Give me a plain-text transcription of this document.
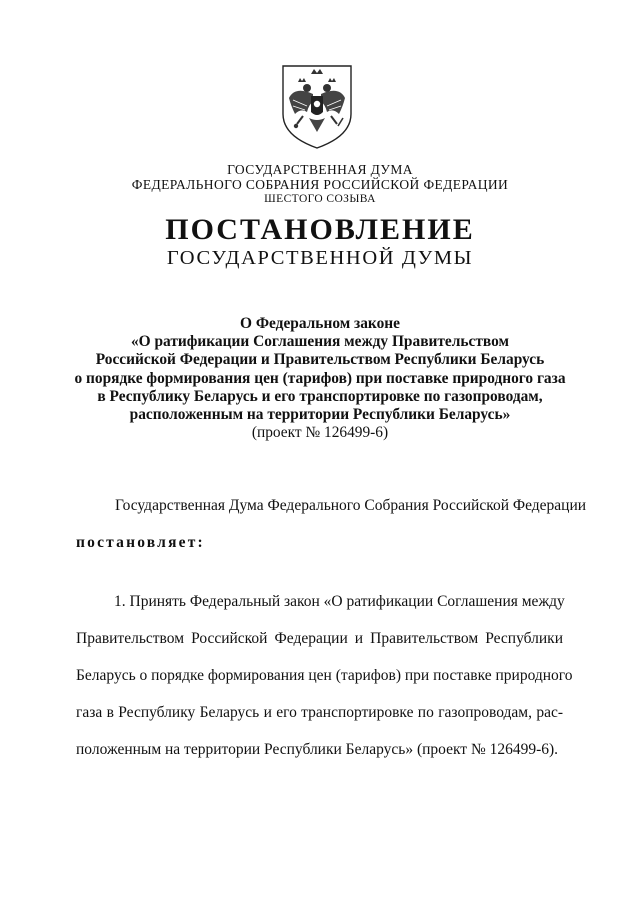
ГОСУДАРСТВЕННАЯ ДУМА
ФЕДЕРАЛЬНОГО СОБРАНИЯ РОССИЙСКОЙ ФЕДЕРАЦИИ
ШЕСТОГО СОЗЫВА
ПОСТАНОВЛЕНИЕ
ГОСУДАРСТВЕННОЙ ДУМЫ
О Федеральном законе
«О ратификации Соглашения между Правительством
Российской Федерации и Правительством Республики Беларусь
о порядке формирования цен (тарифов) при поставке природного газа
в Республику Беларусь и его транспортировке по газопроводам,
расположенным на территории Республики Беларусь»
(проект № 126499-6)
Государственная Дума Федерального Собрания Российской Федерации
постановляет:
1. Принять Федеральный закон «О ратификации Соглашения между
Правительством Российской Федерации и Правительством Республики
Беларусь о порядке формирования цен (тарифов) при поставке природного
газа в Республику Беларусь и его транспортировке по газопроводам, рас-
положенным на территории Республики Беларусь» (проект № 126499-6).
